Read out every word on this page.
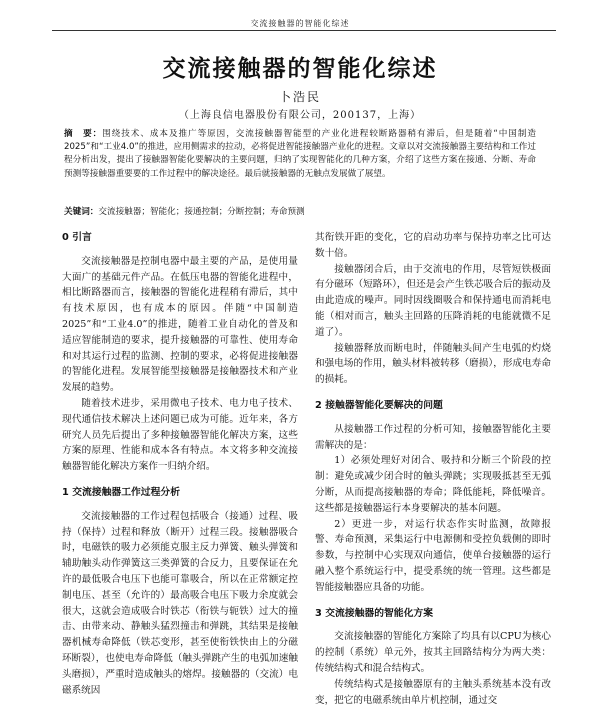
交流接触器的智能化综述
交流接触器的智能化综述
卜浩民
（上海良信电器股份有限公司，200137，上海）
摘　要：围绕技术、成本及推广等原因，交流接触器智能型的产业化进程较断路器稍有滞后，但是随着“中国制造2025”和“工业4.0”的推进，应用侧需求的拉动，必将促进智能接触器产业化的进程。文章以对交流接触器主要结构和工作过程分析出发，提出了接触器智能化要解决的主要问题，归纳了实现智能化的几种方案，介绍了这些方案在接通、分断、寿命预测等接触器重要要的工作过程中的解决途径。最后就接触器的无触点发展做了展望。
关键词：交流接触器；智能化；接通控制；分断控制；寿命预测
0 引言

交流接触器是控制电器中最主要的产品，是使用量大面广的基础元件产品。在低压电器的智能化进程中，相比断路器而言，接触器的智能化进程稍有滞后，其中有技术原因，也有成本的原因。伴随“中国制造2025”和“工业4.0”的推进，随着工业自动化的普及和适应智能制造的要求，提升接触器的可靠性、使用寿命和对其运行过程的监测、控制的要求，必将促进接触器的智能化进程。发展智能型接触器是接触器技术和产业发展的趋势。

随着技术进步，采用微电子技术、电力电子技术、现代通信技术解决上述问题已成为可能。近年来，各方研究人员先后提出了多种接触器智能化解决方案，这些方案的原理、性能和成本各有特点。本文将多种交流接触器智能化解决方案作一归纳介绍。

1 交流接触器工作过程分析

交流接触器的工作过程包括吸合（接通）过程、吸持（保持）过程和释放（断开）过程三段。接触器吸合时，电磁铁的吸力必须能克服主反力弹簧、触头弹簧和辅助触头动作弹簧这三类弹簧的合反力，且要保证在允许的最低吸合电压下也能可靠吸合，所以在正常额定控制电压、甚至（允许的）最高吸合电压下吸力余度就会很大，这就会造成吸合时铁芯（衔铁与轭铁）过大的撞击、由带来动、静触头猛烈撞击和弹跳，其结果是接触器机械寿命降低（铁芯变形，甚至使衔铁快由上的分磁环断裂），也使电寿命降低（触头弹跳产生的电弧加速触头磨损），严重时造成触头的熔焊。接触器的（交流）电磁系统因

其衔铁开距的变化，它的启动功率与保持功率之比可达数十倍。

接触器闭合后，由于交流电的作用，尽管短铁极面有分磁环（短路环），但还是会产生铁芯吸合后的振动及由此造成的噪声。同时因线圈吸合和保持通电而消耗电能（相对而言，触头主回路的压降消耗的电能就微不足道了）。

接触器释放而断电时，伴随触头间产生电弧的灼烧和强电场的作用，触头材料被转移（磨损），形成电寿命的损耗。

2 接触器智能化要解决的问题

从接触器工作过程的分析可知，接触器智能化主要需解决的是：

1）必须处理好对闭合、吸持和分断三个阶段的控制：避免或减少闭合时的触头弹跳；实现吸抵甚至无弧分断，从而提高接触器的寿命；降低能耗，降低噪音。这些都是接触器运行本身要解决的基本问题。

2）更进一步，对运行状态作实时监测，故障报警、寿命预测，采集运行中电源侧和受控负载侧的即时参数，与控制中心实现双向通信，使单台接触器的运行融入整个系统运行中，提受系统的统一管理。这些都是智能接触器应具备的功能。

3 交流接触器的智能化方案

交流接触器的智能化方案除了均具有以CPU为核心的控制（系统）单元外，按其主回路结构分为两大类：传统结构式和混合结构式。

传统结构式是接触器原有的主触头系统基本没有改变，把它的电磁系统由单片机控制，通过交
